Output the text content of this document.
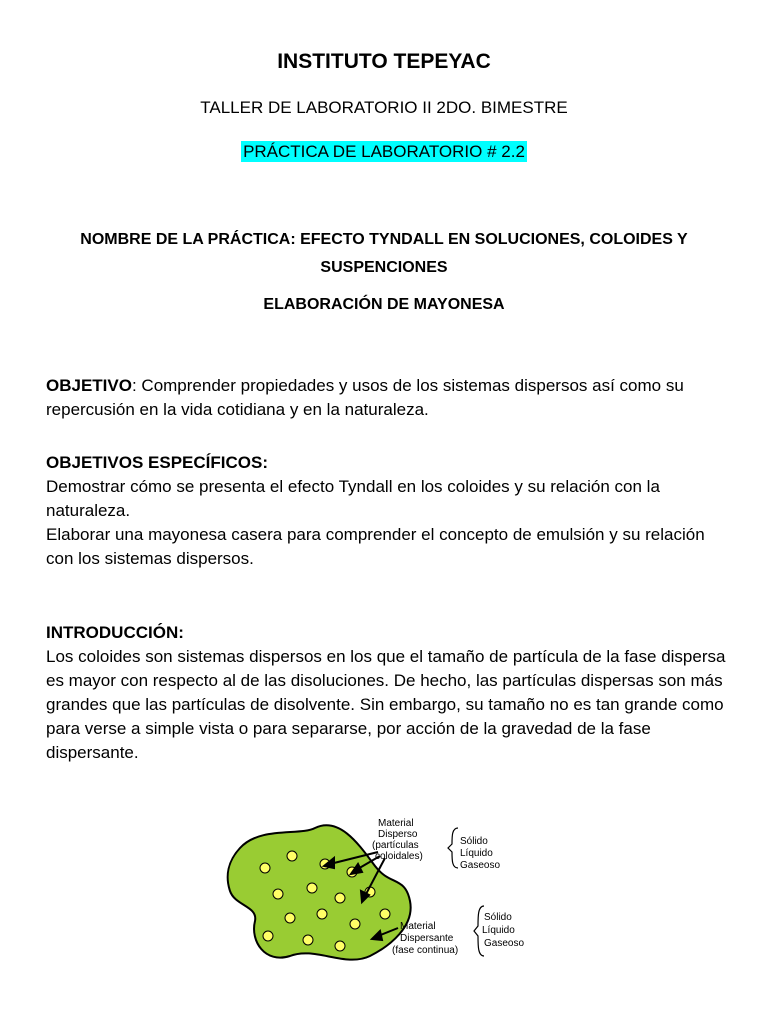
INSTITUTO TEPEYAC
TALLER DE LABORATORIO II 2DO. BIMESTRE
PRÁCTICA DE LABORATORIO # 2.2
NOMBRE DE LA PRÁCTICA: EFECTO TYNDALL EN SOLUCIONES, COLOIDES Y SUSPENCIONES
ELABORACIÓN DE MAYONESA
OBJETIVO: Comprender propiedades y usos de los sistemas dispersos así como su repercusión en la vida cotidiana y en la naturaleza.
OBJETIVOS ESPECÍFICOS:
Demostrar cómo se presenta el efecto Tyndall en los coloides y su relación con la naturaleza.
Elaborar una mayonesa casera para comprender el concepto de emulsión y su relación con los sistemas dispersos.
INTRODUCCIÓN:
Los coloides son sistemas dispersos en los que el tamaño de partícula de la fase dispersa es mayor con respecto al de las disoluciones. De hecho, las partículas dispersas son más grandes que las partículas de disolvente. Sin embargo, su tamaño no es tan grande como para verse a simple vista o para separarse, por acción de la gravedad de la fase dispersante.
Material
Disperso
(partículas
coloidales)
Sólido
Líquido
Gaseoso
Material
Dispersante
(fase continua)
Sólido
Líquido
Gaseoso
